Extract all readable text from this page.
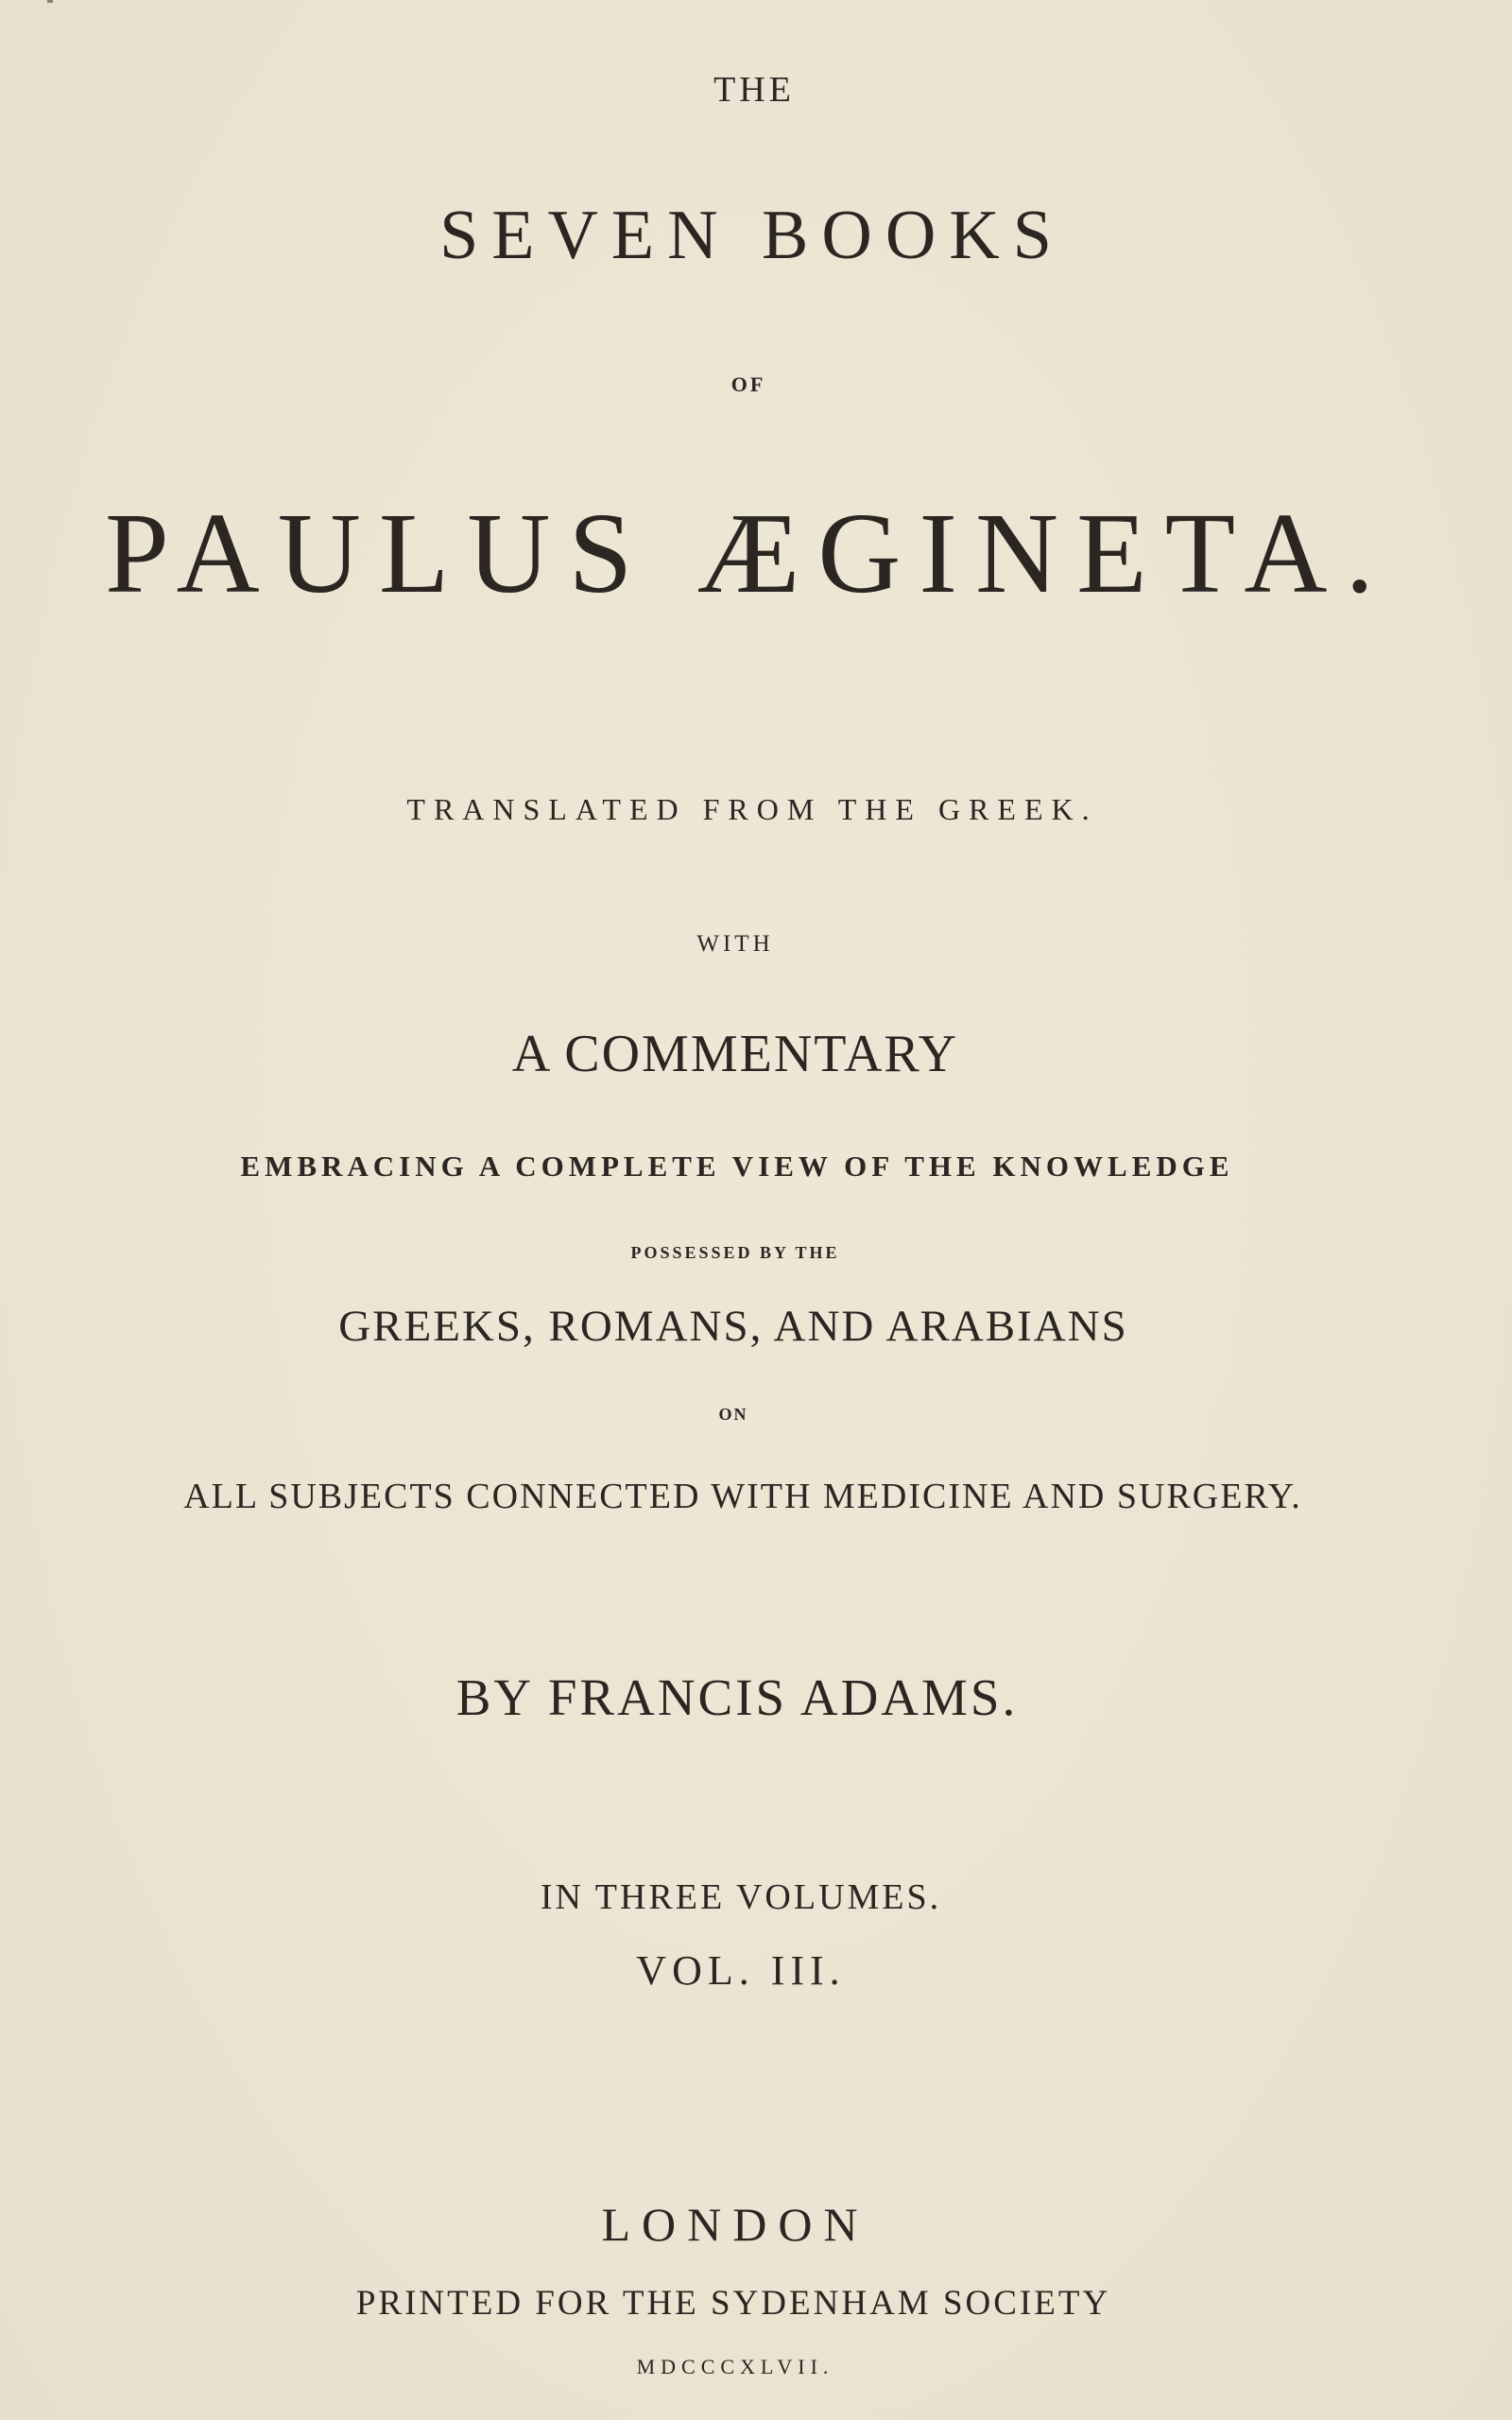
THE
SEVEN BOOKS
OF
PAULUS ÆGINETA.
TRANSLATED FROM THE GREEK.
WITH
A COMMENTARY
EMBRACING A COMPLETE VIEW OF THE KNOWLEDGE
POSSESSED BY THE
GREEKS, ROMANS, AND ARABIANS
ON
ALL SUBJECTS CONNECTED WITH MEDICINE AND SURGERY.
BY FRANCIS ADAMS.
IN THREE VOLUMES.
VOL. III.
LONDON
PRINTED FOR THE SYDENHAM SOCIETY
MDCCCXLVII.
